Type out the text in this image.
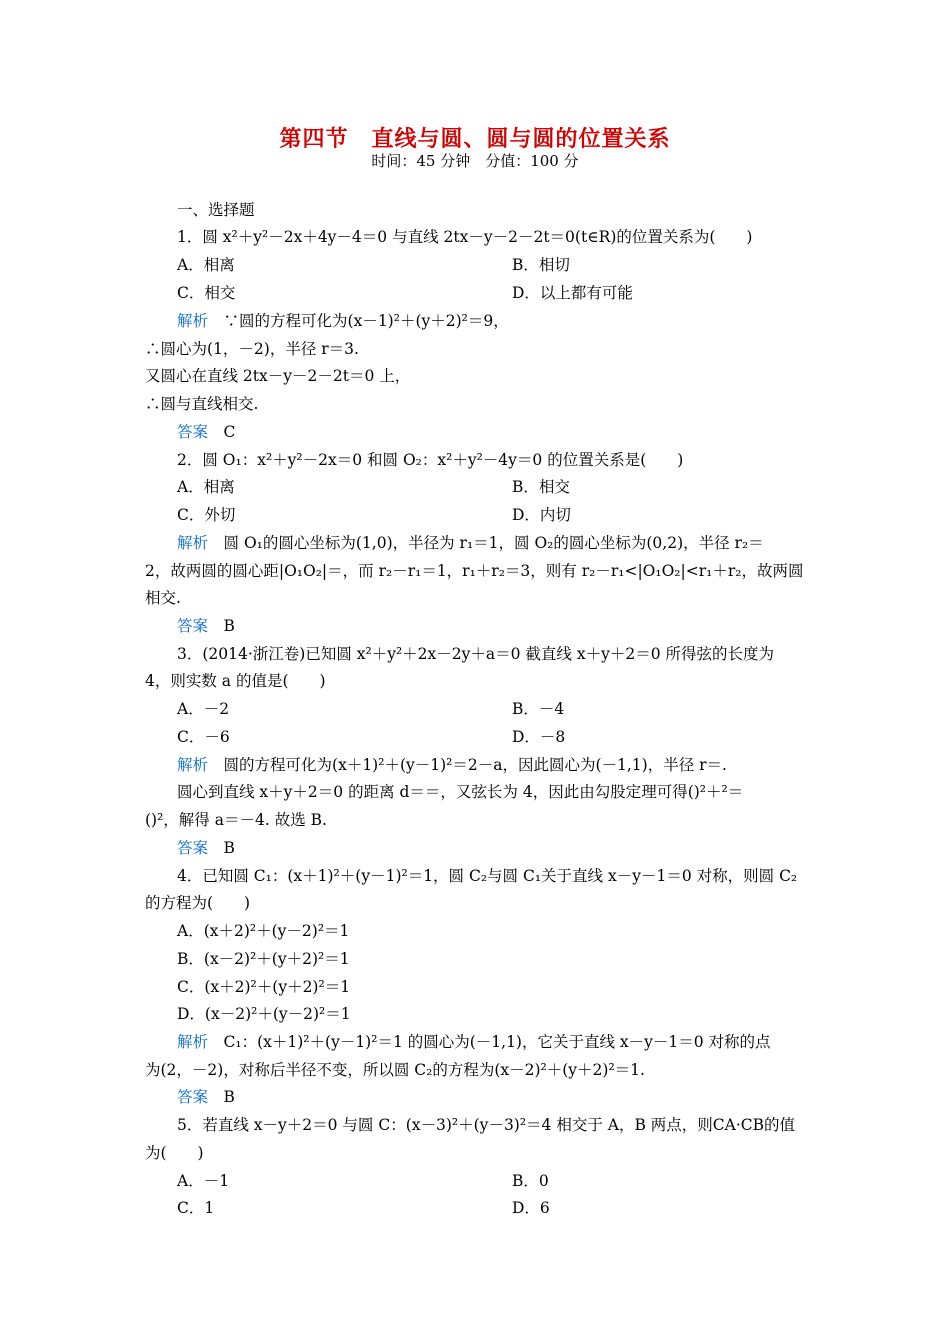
第四节　直线与圆、圆与圆的位置关系
时间：45 分钟　分值：100 分
一、选择题
1．圆 x²＋y²－2x＋4y－4＝0 与直线 2tx－y－2－2t＝0(t∈R)的位置关系为(　　)
A．相离	B．相切
C．相交	D．以上都有可能
解析　 ∵圆的方程可化为(x－1)²＋(y＋2)²＝9，
∴圆心为(1，－2)，半径 r＝3.
又圆心在直线 2tx－y－2－2t＝0 上，
∴圆与直线相交.
答案　 C
2．圆 O₁：x²＋y²－2x＝0 和圆 O₂：x²＋y²－4y＝0 的位置关系是(　　)
A．相离	B．相交
C．外切	D．内切
解析　 圆 O₁的圆心坐标为(1,0)，半径为 r₁＝1，圆 O₂的圆心坐标为(0,2)，半径 r₂＝
2，故两圆的圆心距|O₁O₂|＝，而 r₂－r₁＝1，r₁＋r₂＝3，则有 r₂－r₁<|O₁O₂|<r₁＋r₂，故两圆
相交.
答案　 B
3．(2014·浙江卷)已知圆 x²＋y²＋2x－2y＋a＝0 截直线 x＋y＋2＝0 所得弦的长度为
4，则实数 a 的值是(　　)
A．－2	B．－4
C．－6	D．－8
解析　 圆的方程可化为(x＋1)²＋(y－1)²＝2－a，因此圆心为(－1,1)，半径 r＝.
圆心到直线 x＋y＋2＝0 的距离 d＝＝，又弦长为 4，因此由勾股定理可得()²＋²＝
()²，解得 a＝－4. 故选 B.
答案　 B
4．已知圆 C₁：(x＋1)²＋(y－1)²＝1，圆 C₂与圆 C₁关于直线 x－y－1＝0 对称，则圆 C₂
的方程为(　　)
A．(x＋2)²＋(y－2)²＝1
B．(x－2)²＋(y＋2)²＝1
C．(x＋2)²＋(y＋2)²＝1
D．(x－2)²＋(y－2)²＝1
解析　 C₁：(x＋1)²＋(y－1)²＝1 的圆心为(－1,1)，它关于直线 x－y－1＝0 对称的点
为(2，－2)，对称后半径不变，所以圆 C₂的方程为(x－2)²＋(y＋2)²＝1.
答案　 B
5．若直线 x－y＋2＝0 与圆 C：(x－3)²＋(y－3)²＝4 相交于 A，B 两点，则CA·CB的值
为(　　)
A．－1	B．0
C．1	D．6
